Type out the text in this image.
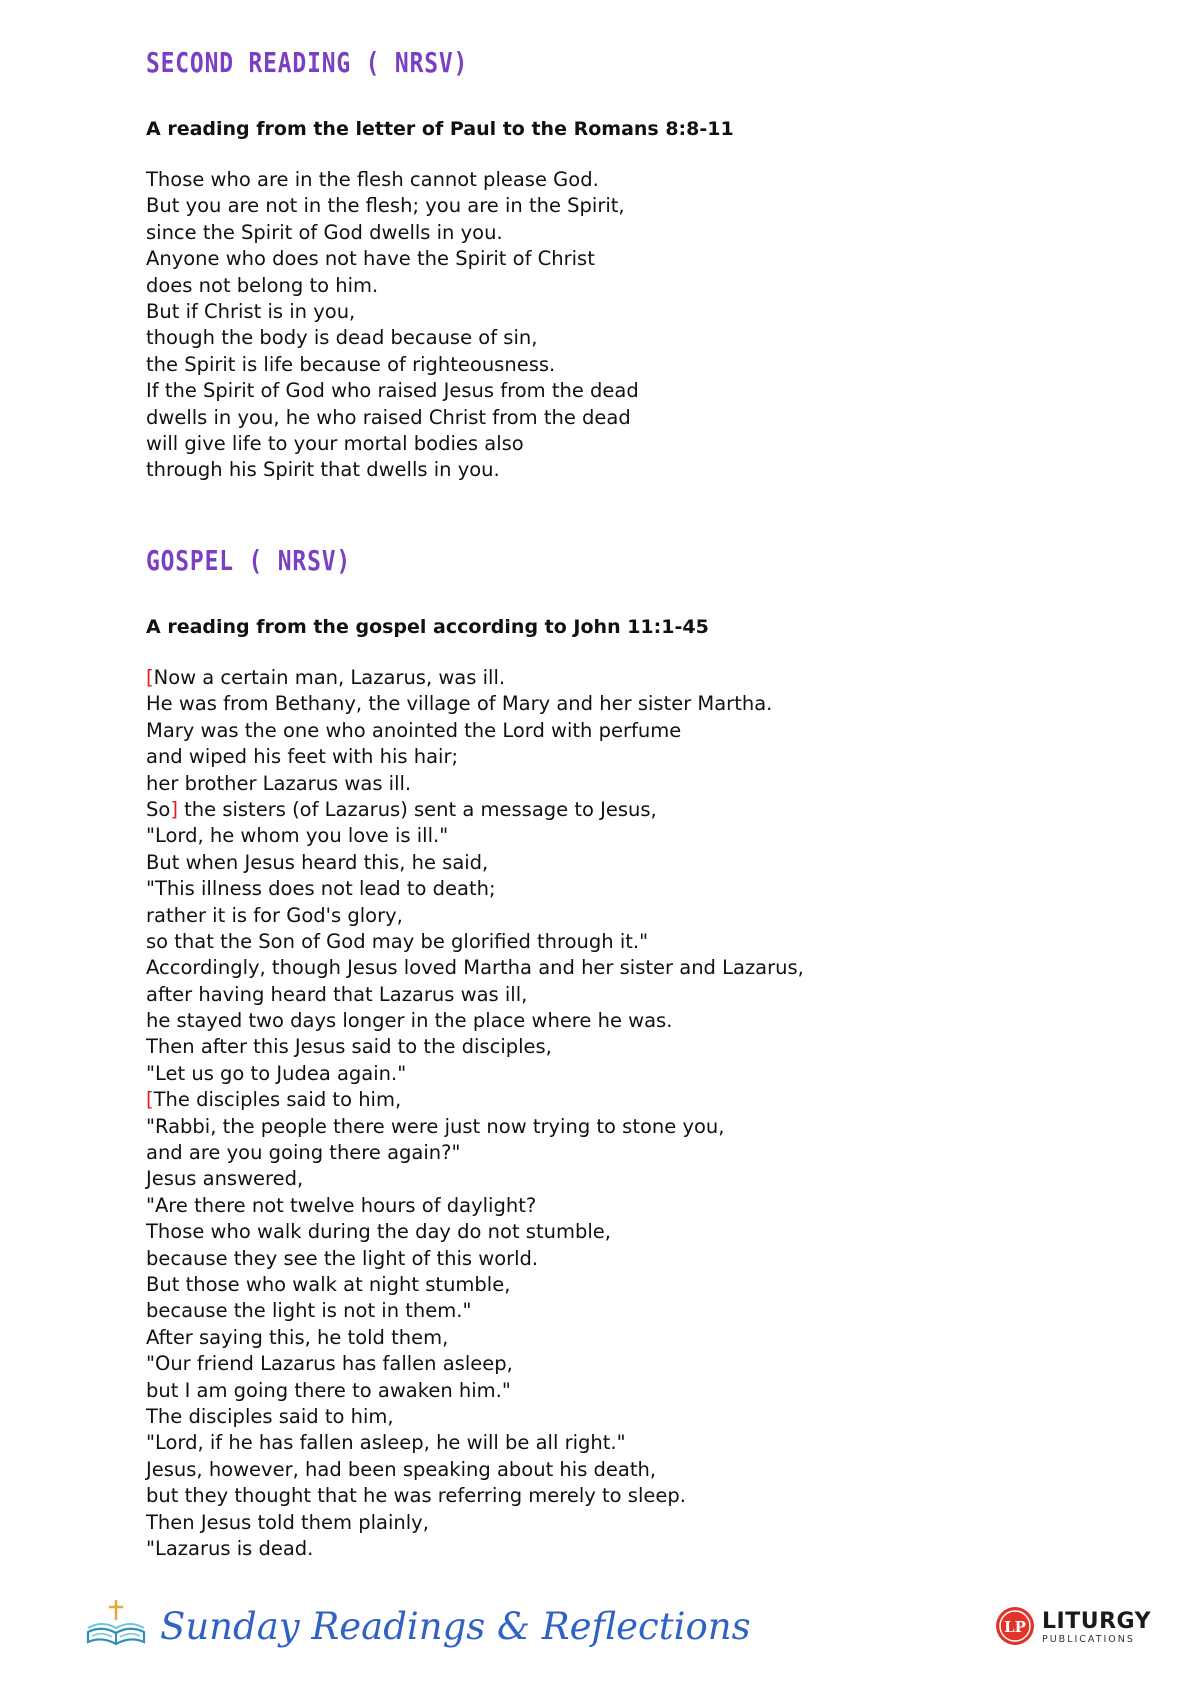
SECOND READING ( NRSV)
A reading from the letter of Paul to the Romans 8:8-11
Those who are in the flesh cannot please God.
But you are not in the flesh; you are in the Spirit,
since the Spirit of God dwells in you.
Anyone who does not have the Spirit of Christ
does not belong to him.
But if Christ is in you,
though the body is dead because of sin,
the Spirit is life because of righteousness.
If the Spirit of God who raised Jesus from the dead
dwells in you, he who raised Christ from the dead
will give life to your mortal bodies also
through his Spirit that dwells in you.
GOSPEL ( NRSV)
A reading from the gospel according to John 11:1-45
[Now a certain man, Lazarus, was ill.
He was from Bethany, the village of Mary and her sister Martha.
Mary was the one who anointed the Lord with perfume
and wiped his feet with his hair;
her brother Lazarus was ill.
So] the sisters (of Lazarus) sent a message to Jesus,
"Lord, he whom you love is ill."
But when Jesus heard this, he said,
"This illness does not lead to death;
rather it is for God's glory,
so that the Son of God may be glorified through it."
Accordingly, though Jesus loved Martha and her sister and Lazarus,
after having heard that Lazarus was ill,
he stayed two days longer in the place where he was.
Then after this Jesus said to the disciples,
"Let us go to Judea again."
[The disciples said to him,
"Rabbi, the people there were just now trying to stone you,
and are you going there again?"
Jesus answered,
"Are there not twelve hours of daylight?
Those who walk during the day do not stumble,
because they see the light of this world.
But those who walk at night stumble,
because the light is not in them."
After saying this, he told them,
"Our friend Lazarus has fallen asleep,
but I am going there to awaken him."
The disciples said to him,
"Lord, if he has fallen asleep, he will be all right."
Jesus, however, had been speaking about his death,
but they thought that he was referring merely to sleep.
Then Jesus told them plainly,
"Lazarus is dead.
Sunday Readings & Reflections	LP LITURGY
PUBLICATIONS
